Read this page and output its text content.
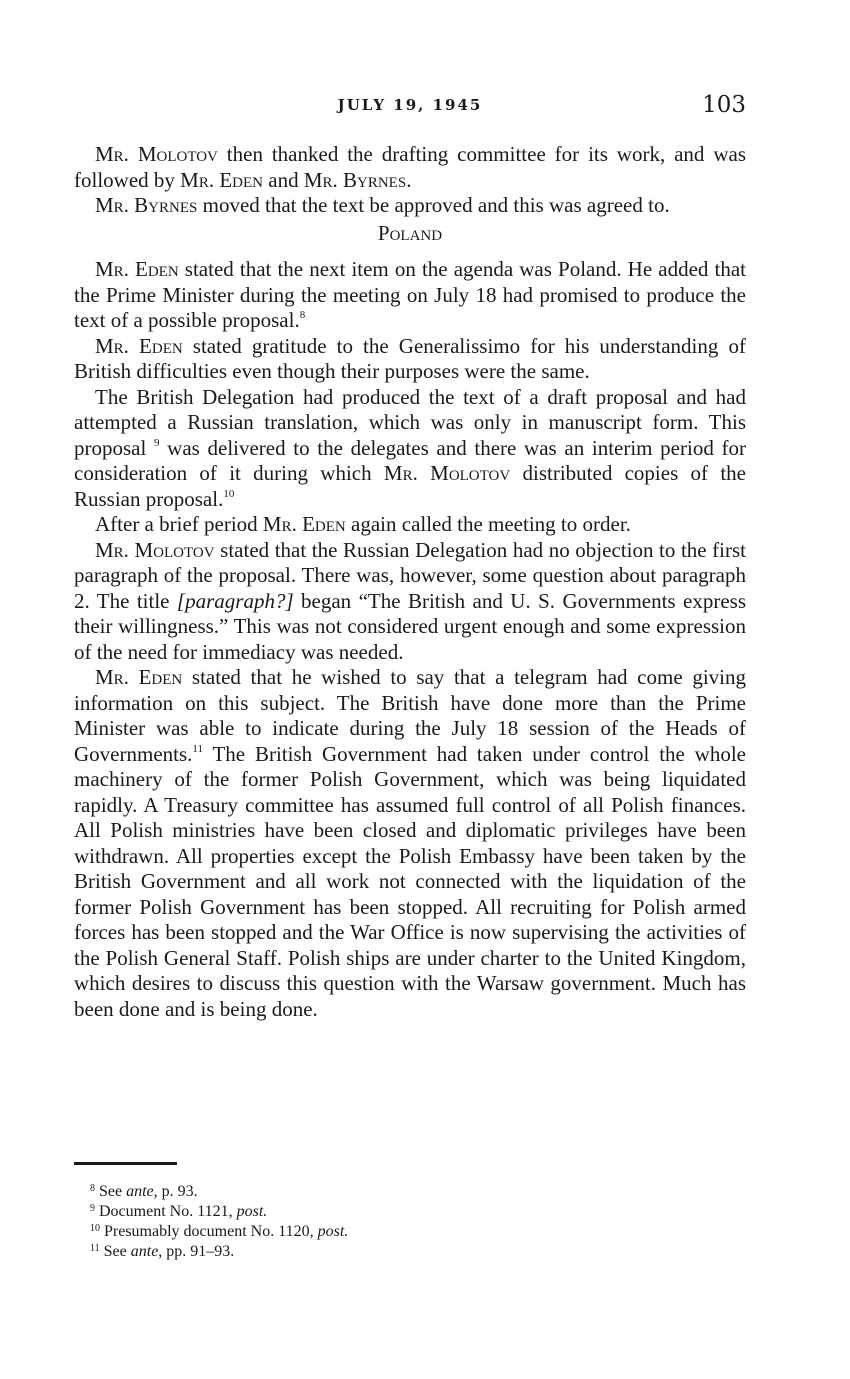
JULY 19, 1945	103

Mr. Molotov then thanked the drafting committee for its work, and was followed by Mr. Eden and Mr. Byrnes.

Mr. Byrnes moved that the text be approved and this was agreed to.

Poland

Mr. Eden stated that the next item on the agenda was Poland. He added that the Prime Minister during the meeting on July 18 had promised to produce the text of a possible proposal.$^8$

Mr. Eden stated gratitude to the Generalissimo for his understanding of British difficulties even though their purposes were the same.

The British Delegation had produced the text of a draft proposal and had attempted a Russian translation, which was only in manuscript form. This proposal $^9$ was delivered to the delegates and there was an interim period for consideration of it during which Mr. Molotov distributed copies of the Russian proposal.$^{10}$

After a brief period Mr. Eden again called the meeting to order.

Mr. Molotov stated that the Russian Delegation had no objection to the first paragraph of the proposal. There was, however, some question about paragraph 2. The title [paragraph?] began “The British and U. S. Governments express their willingness.” This was not considered urgent enough and some expression of the need for immediacy was needed.

Mr. Eden stated that he wished to say that a telegram had come giving information on this subject. The British have done more than the Prime Minister was able to indicate during the July 18 session of the Heads of Governments.$^{11}$ The British Government had taken under control the whole machinery of the former Polish Government, which was being liquidated rapidly. A Treasury committee has assumed full control of all Polish finances. All Polish ministries have been closed and diplomatic privileges have been withdrawn. All properties except the Polish Embassy have been taken by the British Government and all work not connected with the liquidation of the former Polish Government has been stopped. All recruiting for Polish armed forces has been stopped and the War Office is now supervising the activities of the Polish General Staff. Polish ships are under charter to the United Kingdom, which desires to discuss this question with the Warsaw government. Much has been done and is being done.

$^8$ See ante, p. 93.
$^9$ Document No. 1121, post.
$^{10}$ Presumably document No. 1120, post.
$^{11}$ See ante, pp. 91–93.
